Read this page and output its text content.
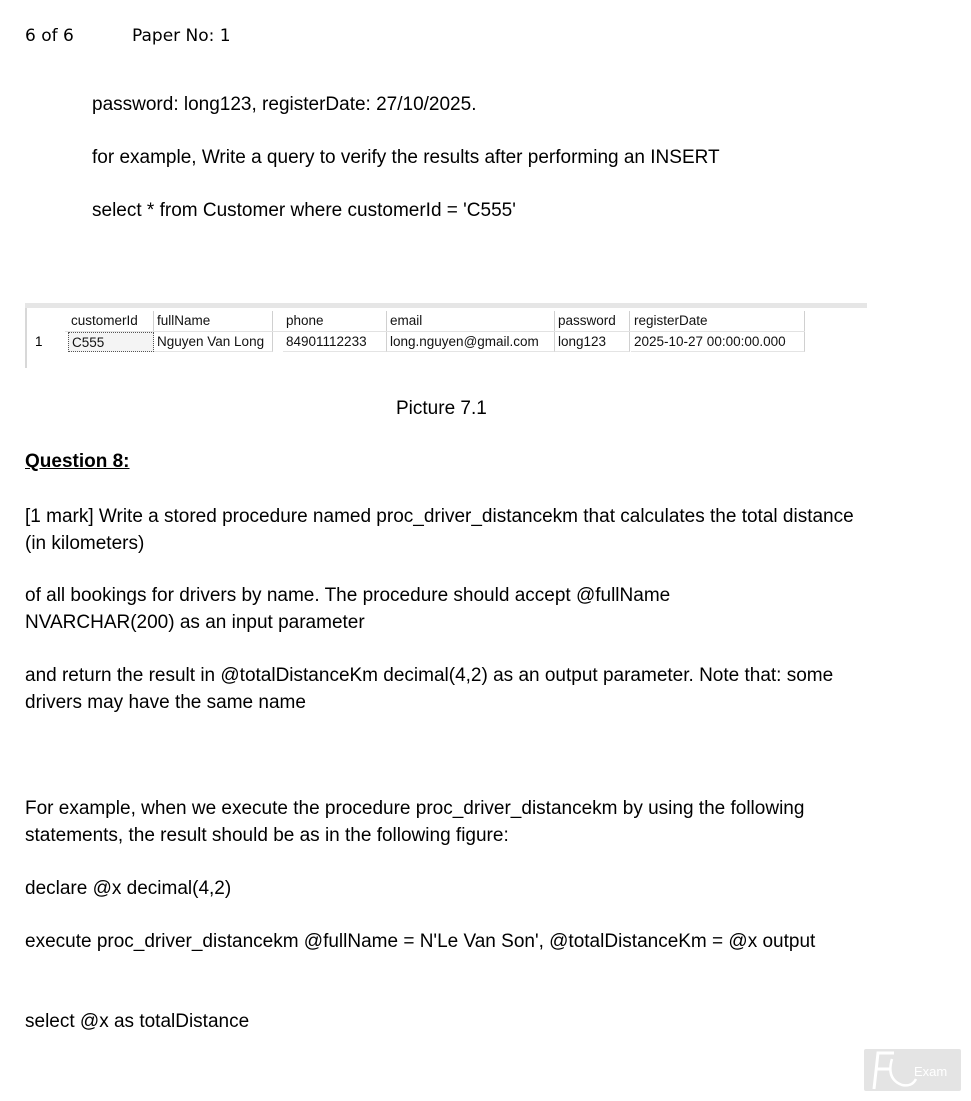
6 of 6	Paper No: 1
password: long123, registerDate: 27/10/2025.
for example, Write a query to verify the results after performing an INSERT
select * from Customer where customerId = 'C555'
customerId	fullName	phone	email	password	registerDate
1 C555	Nguyen Van Long	84901112233	long.nguyen@gmail.com	long123	2025-10-27 00:00:00.000
Picture 7.1
Question 8:
[1 mark] Write a stored procedure named proc_driver_distancekm that calculates the total distance (in kilometers)
of all bookings for drivers by name. The procedure should accept @fullName NVARCHAR(200) as an input parameter
and return the result in @totalDistanceKm decimal(4,2) as an output parameter. Note that: some drivers may have the same name
For example, when we execute the procedure proc_driver_distancekm by using the following statements, the result should be as in the following figure:
declare @x decimal(4,2)
execute proc_driver_distancekm @fullName = N'Le Van Son', @totalDistanceKm = @x output
select @x as totalDistance
Exam
